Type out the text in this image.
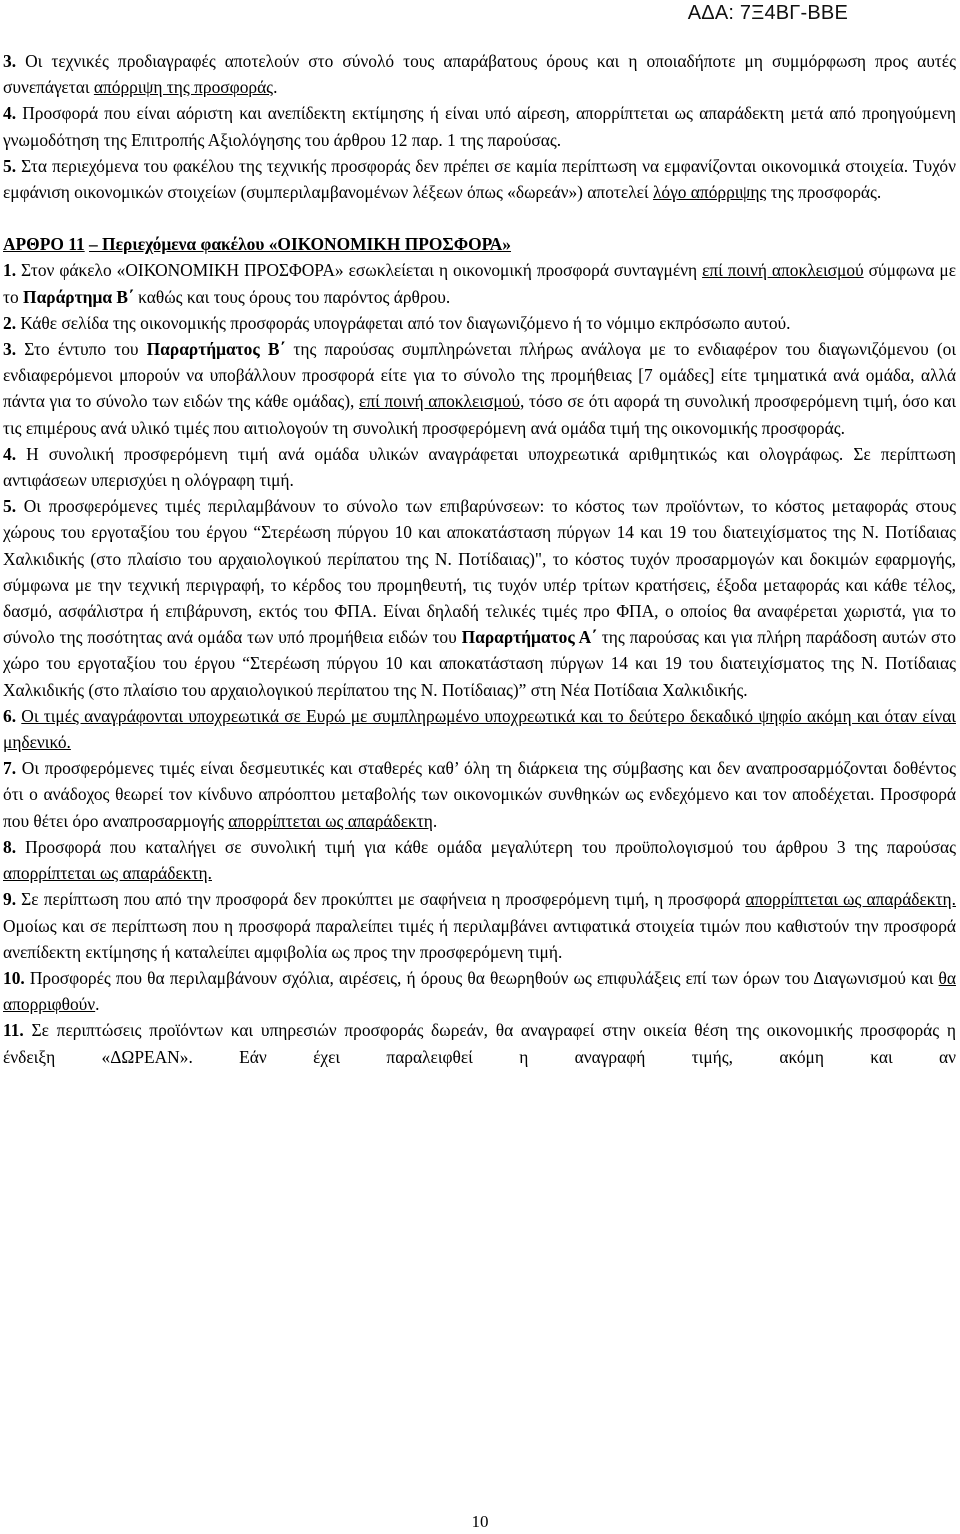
ΑΔΑ: 7Ξ4ΒΓ-ΒΒΕ

3. Οι τεχνικές προδιαγραφές αποτελούν στο σύνολό τους απαράβατους όρους και η οποιαδήποτε μη συμμόρφωση προς αυτές συνεπάγεται απόρριψη της προσφοράς.

4. Προσφορά που είναι αόριστη και ανεπίδεκτη εκτίμησης ή είναι υπό αίρεση, απορρίπτεται ως απαράδεκτη μετά από προηγούμενη γνωμοδότηση της Επιτροπής Αξιολόγησης του άρθρου 12 παρ. 1 της παρούσας.

5. Στα περιεχόμενα του φακέλου της τεχνικής προσφοράς δεν πρέπει σε καμία περίπτωση να εμφανίζονται οικονομικά στοιχεία. Τυχόν εμφάνιση οικονομικών στοιχείων (συμπεριλαμβανομένων λέξεων όπως «δωρεάν») αποτελεί λόγο απόρριψης της προσφοράς.

ΑΡΘΡΟ 11 – Περιεχόμενα φακέλου «ΟΙΚΟΝΟΜΙΚΗ ΠΡΟΣΦΟΡΑ»

1. Στον φάκελο «ΟΙΚΟΝΟΜΙΚΗ ΠΡΟΣΦΟΡΑ» εσωκλείεται η οικονομική προσφορά συνταγμένη επί ποινή αποκλεισμού σύμφωνα με το Παράρτημα Β΄ καθώς και τους όρους του παρόντος άρθρου.

2. Κάθε σελίδα της οικονομικής προσφοράς υπογράφεται από τον διαγωνιζόμενο ή το νόμιμο εκπρόσωπο αυτού.

3. Στο έντυπο του Παραρτήματος Β΄ της παρούσας συμπληρώνεται πλήρως ανάλογα με το ενδιαφέρον του διαγωνιζόμενου (οι ενδιαφερόμενοι μπορούν να υποβάλλουν προσφορά είτε για το σύνολο της προμήθειας [7 ομάδες] είτε τμηματικά ανά ομάδα, αλλά πάντα για το σύνολο των ειδών της κάθε ομάδας), επί ποινή αποκλεισμού, τόσο σε ότι αφορά τη συνολική προσφερόμενη τιμή, όσο και τις επιμέρους ανά υλικό τιμές που αιτιολογούν τη συνολική προσφερόμενη ανά ομάδα τιμή της οικονομικής προσφοράς.

4. Η συνολική προσφερόμενη τιμή ανά ομάδα υλικών αναγράφεται υποχρεωτικά αριθμητικώς και ολογράφως. Σε περίπτωση αντιφάσεων υπερισχύει η ολόγραφη τιμή.

5. Οι προσφερόμενες τιμές περιλαμβάνουν το σύνολο των επιβαρύνσεων: το κόστος των προϊόντων, το κόστος μεταφοράς στους χώρους του εργοταξίου του έργου “Στερέωση πύργου 10 και αποκατάσταση πύργων 14 και 19 του διατειχίσματος της Ν. Ποτίδαιας Χαλκιδικής (στο πλαίσιο του αρχαιολογικού περίπατου της Ν. Ποτίδαιας)", το κόστος τυχόν προσαρμογών και δοκιμών εφαρμογής, σύμφωνα με την τεχνική περιγραφή, το κέρδος του προμηθευτή, τις τυχόν υπέρ τρίτων κρατήσεις, έξοδα μεταφοράς και κάθε τέλος, δασμό, ασφάλιστρα ή επιβάρυνση, εκτός του ΦΠΑ. Είναι δηλαδή τελικές τιμές προ ΦΠΑ, ο οποίος θα αναφέρεται χωριστά, για το σύνολο της ποσότητας ανά ομάδα των υπό προμήθεια ειδών του Παραρτήματος Α΄ της παρούσας και για πλήρη παράδοση αυτών στο χώρο του εργοταξίου του έργου “Στερέωση πύργου 10 και αποκατάσταση πύργων 14 και 19 του διατειχίσματος της Ν. Ποτίδαιας Χαλκιδικής (στο πλαίσιο του αρχαιολογικού περίπατου της Ν. Ποτίδαιας)” στη Νέα Ποτίδαια Χαλκιδικής.

6. Οι τιμές αναγράφονται υποχρεωτικά σε Ευρώ με συμπληρωμένο υποχρεωτικά και το δεύτερο δεκαδικό ψηφίο ακόμη και όταν είναι μηδενικό.

7. Οι προσφερόμενες τιμές είναι δεσμευτικές και σταθερές καθ’ όλη τη διάρκεια της σύμβασης και δεν αναπροσαρμόζονται δοθέντος ότι ο ανάδοχος θεωρεί τον κίνδυνο απρόοπτου μεταβολής των οικονομικών συνθηκών ως ενδεχόμενο και τον αποδέχεται. Προσφορά που θέτει όρο αναπροσαρμογής απορρίπτεται ως απαράδεκτη.

8. Προσφορά που καταλήγει σε συνολική τιμή για κάθε ομάδα μεγαλύτερη του προϋπολογισμού του άρθρου 3 της παρούσας απορρίπτεται ως απαράδεκτη.

9. Σε περίπτωση που από την προσφορά δεν προκύπτει με σαφήνεια η προσφερόμενη τιμή, η προσφορά απορρίπτεται ως απαράδεκτη. Ομοίως και σε περίπτωση που η προσφορά παραλείπει τιμές ή περιλαμβάνει αντιφατικά στοιχεία τιμών που καθιστούν την προσφορά ανεπίδεκτη εκτίμησης ή καταλείπει αμφιβολία ως προς την προσφερόμενη τιμή.

10. Προσφορές που θα περιλαμβάνουν σχόλια, αιρέσεις, ή όρους θα θεωρηθούν ως επιφυλάξεις επί των όρων του Διαγωνισμού και θα απορριφθούν.

11. Σε περιπτώσεις προϊόντων και υπηρεσιών προσφοράς δωρεάν, θα αναγραφεί στην οικεία θέση της οικονομικής προσφοράς η ένδειξη «ΔΩΡΕΑΝ». Εάν έχει παραλειφθεί η αναγραφή τιμής, ακόμη και αν

10
